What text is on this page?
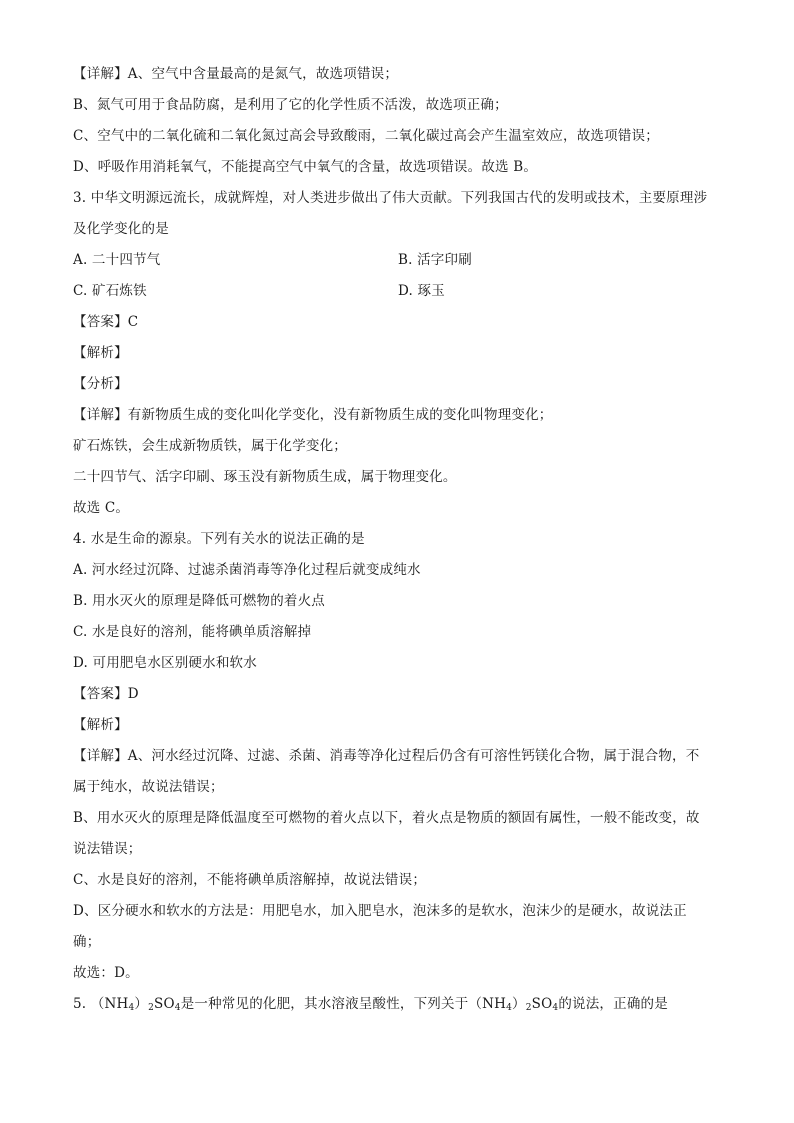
【详解】A、空气中含量最高的是氮气，故选项错误；
B、氮气可用于食品防腐，是利用了它的化学性质不活泼，故选项正确；
C、空气中的二氧化硫和二氧化氮过高会导致酸雨，二氧化碳过高会产生温室效应，故选项错误；
D、呼吸作用消耗氧气，不能提高空气中氧气的含量，故选项错误。故选 B。
3. 中华文明源远流长，成就辉煌，对人类进步做出了伟大贡献。下列我国古代的发明或技术，主要原理涉
及化学变化的是
A. 二十四节气	B. 活字印刷
C. 矿石炼铁	D. 琢玉
【答案】C
【解析】
【分析】
【详解】有新物质生成的变化叫化学变化，没有新物质生成的变化叫物理变化；
矿石炼铁，会生成新物质铁，属于化学变化；
二十四节气、活字印刷、琢玉没有新物质生成，属于物理变化。
故选 C。
4. 水是生命的源泉。下列有关水的说法正确的是
A. 河水经过沉降、过滤杀菌消毒等净化过程后就变成纯水
B. 用水灭火的原理是降低可燃物的着火点
C. 水是良好的溶剂，能将碘单质溶解掉
D. 可用肥皂水区别硬水和软水
【答案】D
【解析】
【详解】A、河水经过沉降、过滤、杀菌、消毒等净化过程后仍含有可溶性钙镁化合物，属于混合物，不
属于纯水，故说法错误；
B、用水灭火的原理是降低温度至可燃物的着火点以下，着火点是物质的额固有属性，一般不能改变，故
说法错误；
C、水是良好的溶剂，不能将碘单质溶解掉，故说法错误；
D、区分硬水和软水的方法是：用肥皂水，加入肥皂水，泡沫多的是软水，泡沫少的是硬水，故说法正
确；
故选：D。
5. $(NH_4)_2SO_4$是一种常见的化肥，其水溶液呈酸性，下列关于$(NH_4)_2SO_4$的说法，正确的是
